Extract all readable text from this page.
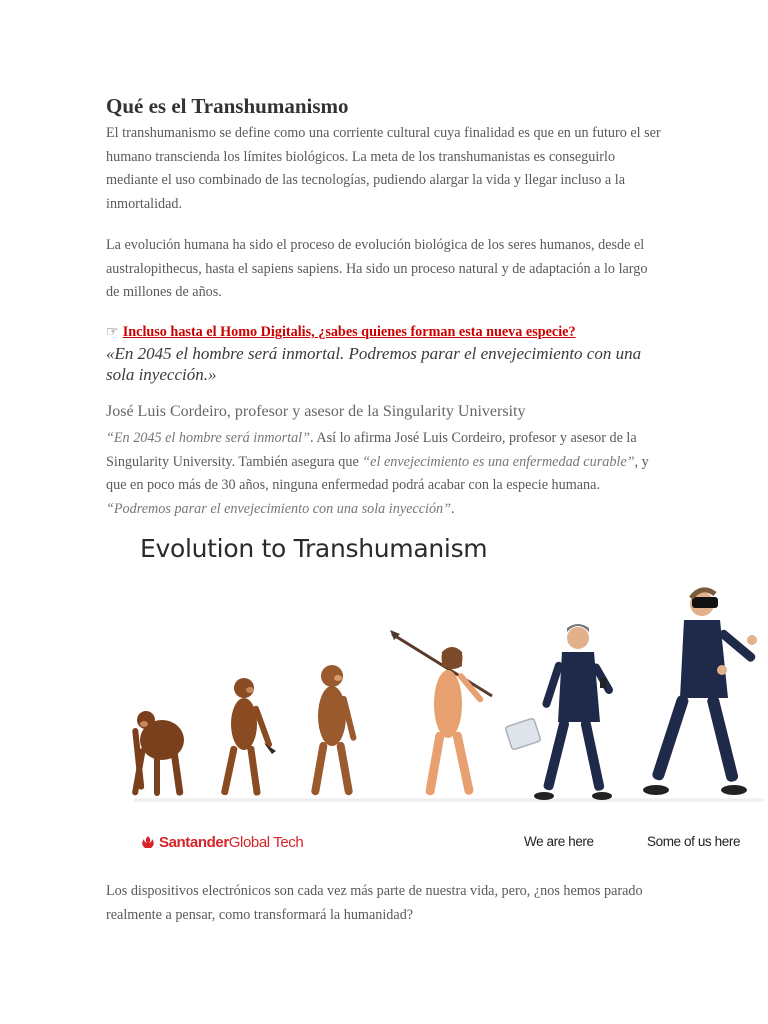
Qué es el Transhumanismo

El transhumanismo se define como una corriente cultural cuya finalidad es que en un futuro el ser humano transcienda los límites biológicos. La meta de los transhumanistas es conseguirlo mediante el uso combinado de las tecnologías, pudiendo alargar la vida y llegar incluso a la inmortalidad.

La evolución humana ha sido el proceso de evolución biológica de los seres humanos, desde el australopithecus, hasta el sapiens sapiens. Ha sido un proceso natural y de adaptación a lo largo de millones de años.

☞ Incluso hasta el Homo Digitalis, ¿sabes quienes forman esta nueva especie?
«En 2045 el hombre será inmortal. Podremos parar el envejecimiento con una sola inyección.»
José Luis Cordeiro, profesor y asesor de la Singularity University

“En 2045 el hombre será inmortal”. Así lo afirma José Luis Cordeiro, profesor y asesor de la Singularity University. También asegura que “el envejecimiento es una enfermedad curable”, y que en poco más de 30 años, ninguna enfermedad podrá acabar con la especie humana. “Podremos parar el envejecimiento con una sola inyección”.

Evolution to Transhumanism
Santander Global Tech	We are here	Some of us here

Los dispositivos electrónicos son cada vez más parte de nuestra vida, pero, ¿nos hemos parado realmente a pensar, como transformará la humanidad?
